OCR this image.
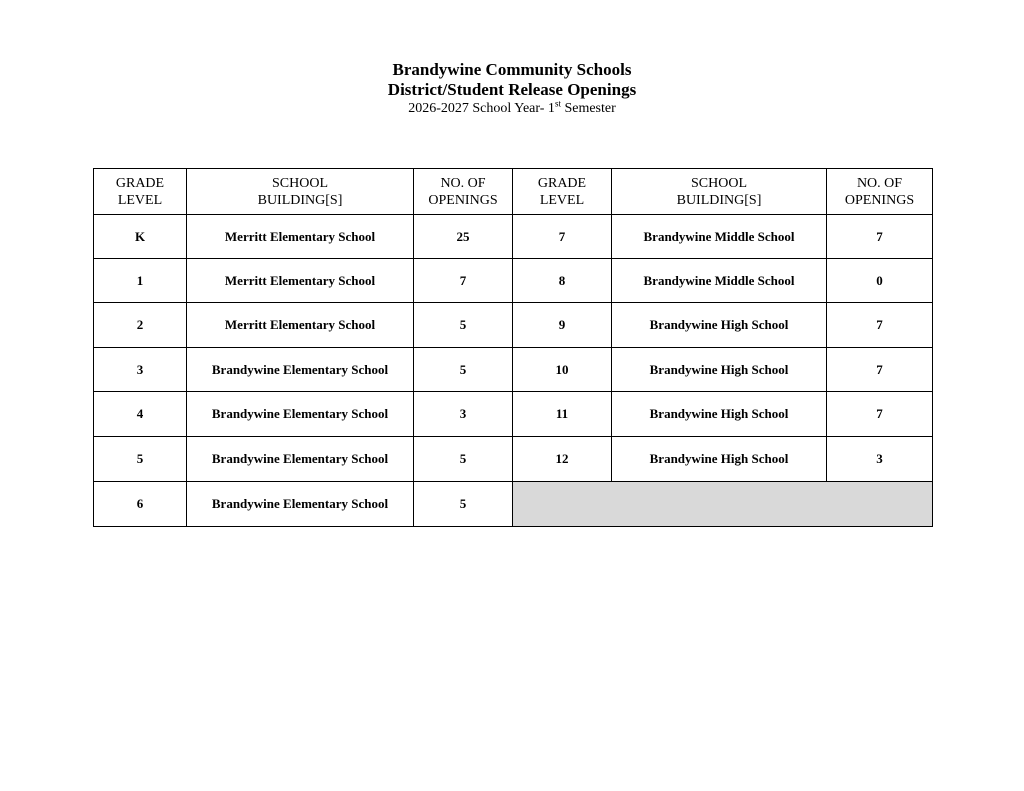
Brandywine Community Schools
District/Student Release Openings
2026-2027 School Year- 1st Semester
GRADE
LEVEL	SCHOOL
BUILDING[S]	NO. OF
OPENINGS	GRADE
LEVEL	SCHOOL
BUILDING[S]	NO. OF
OPENINGS

K	Merritt Elementary School	25	7	Brandywine Middle School	7
1	Merritt Elementary School	7	8	Brandywine Middle School	0
2	Merritt Elementary School	5	9	Brandywine High School	7
3	Brandywine Elementary School	5	10	Brandywine High School	7
4	Brandywine Elementary School	3	11	Brandywine High School	7
5	Brandywine Elementary School	5	12	Brandywine High School	3
6	Brandywine Elementary School	5			
